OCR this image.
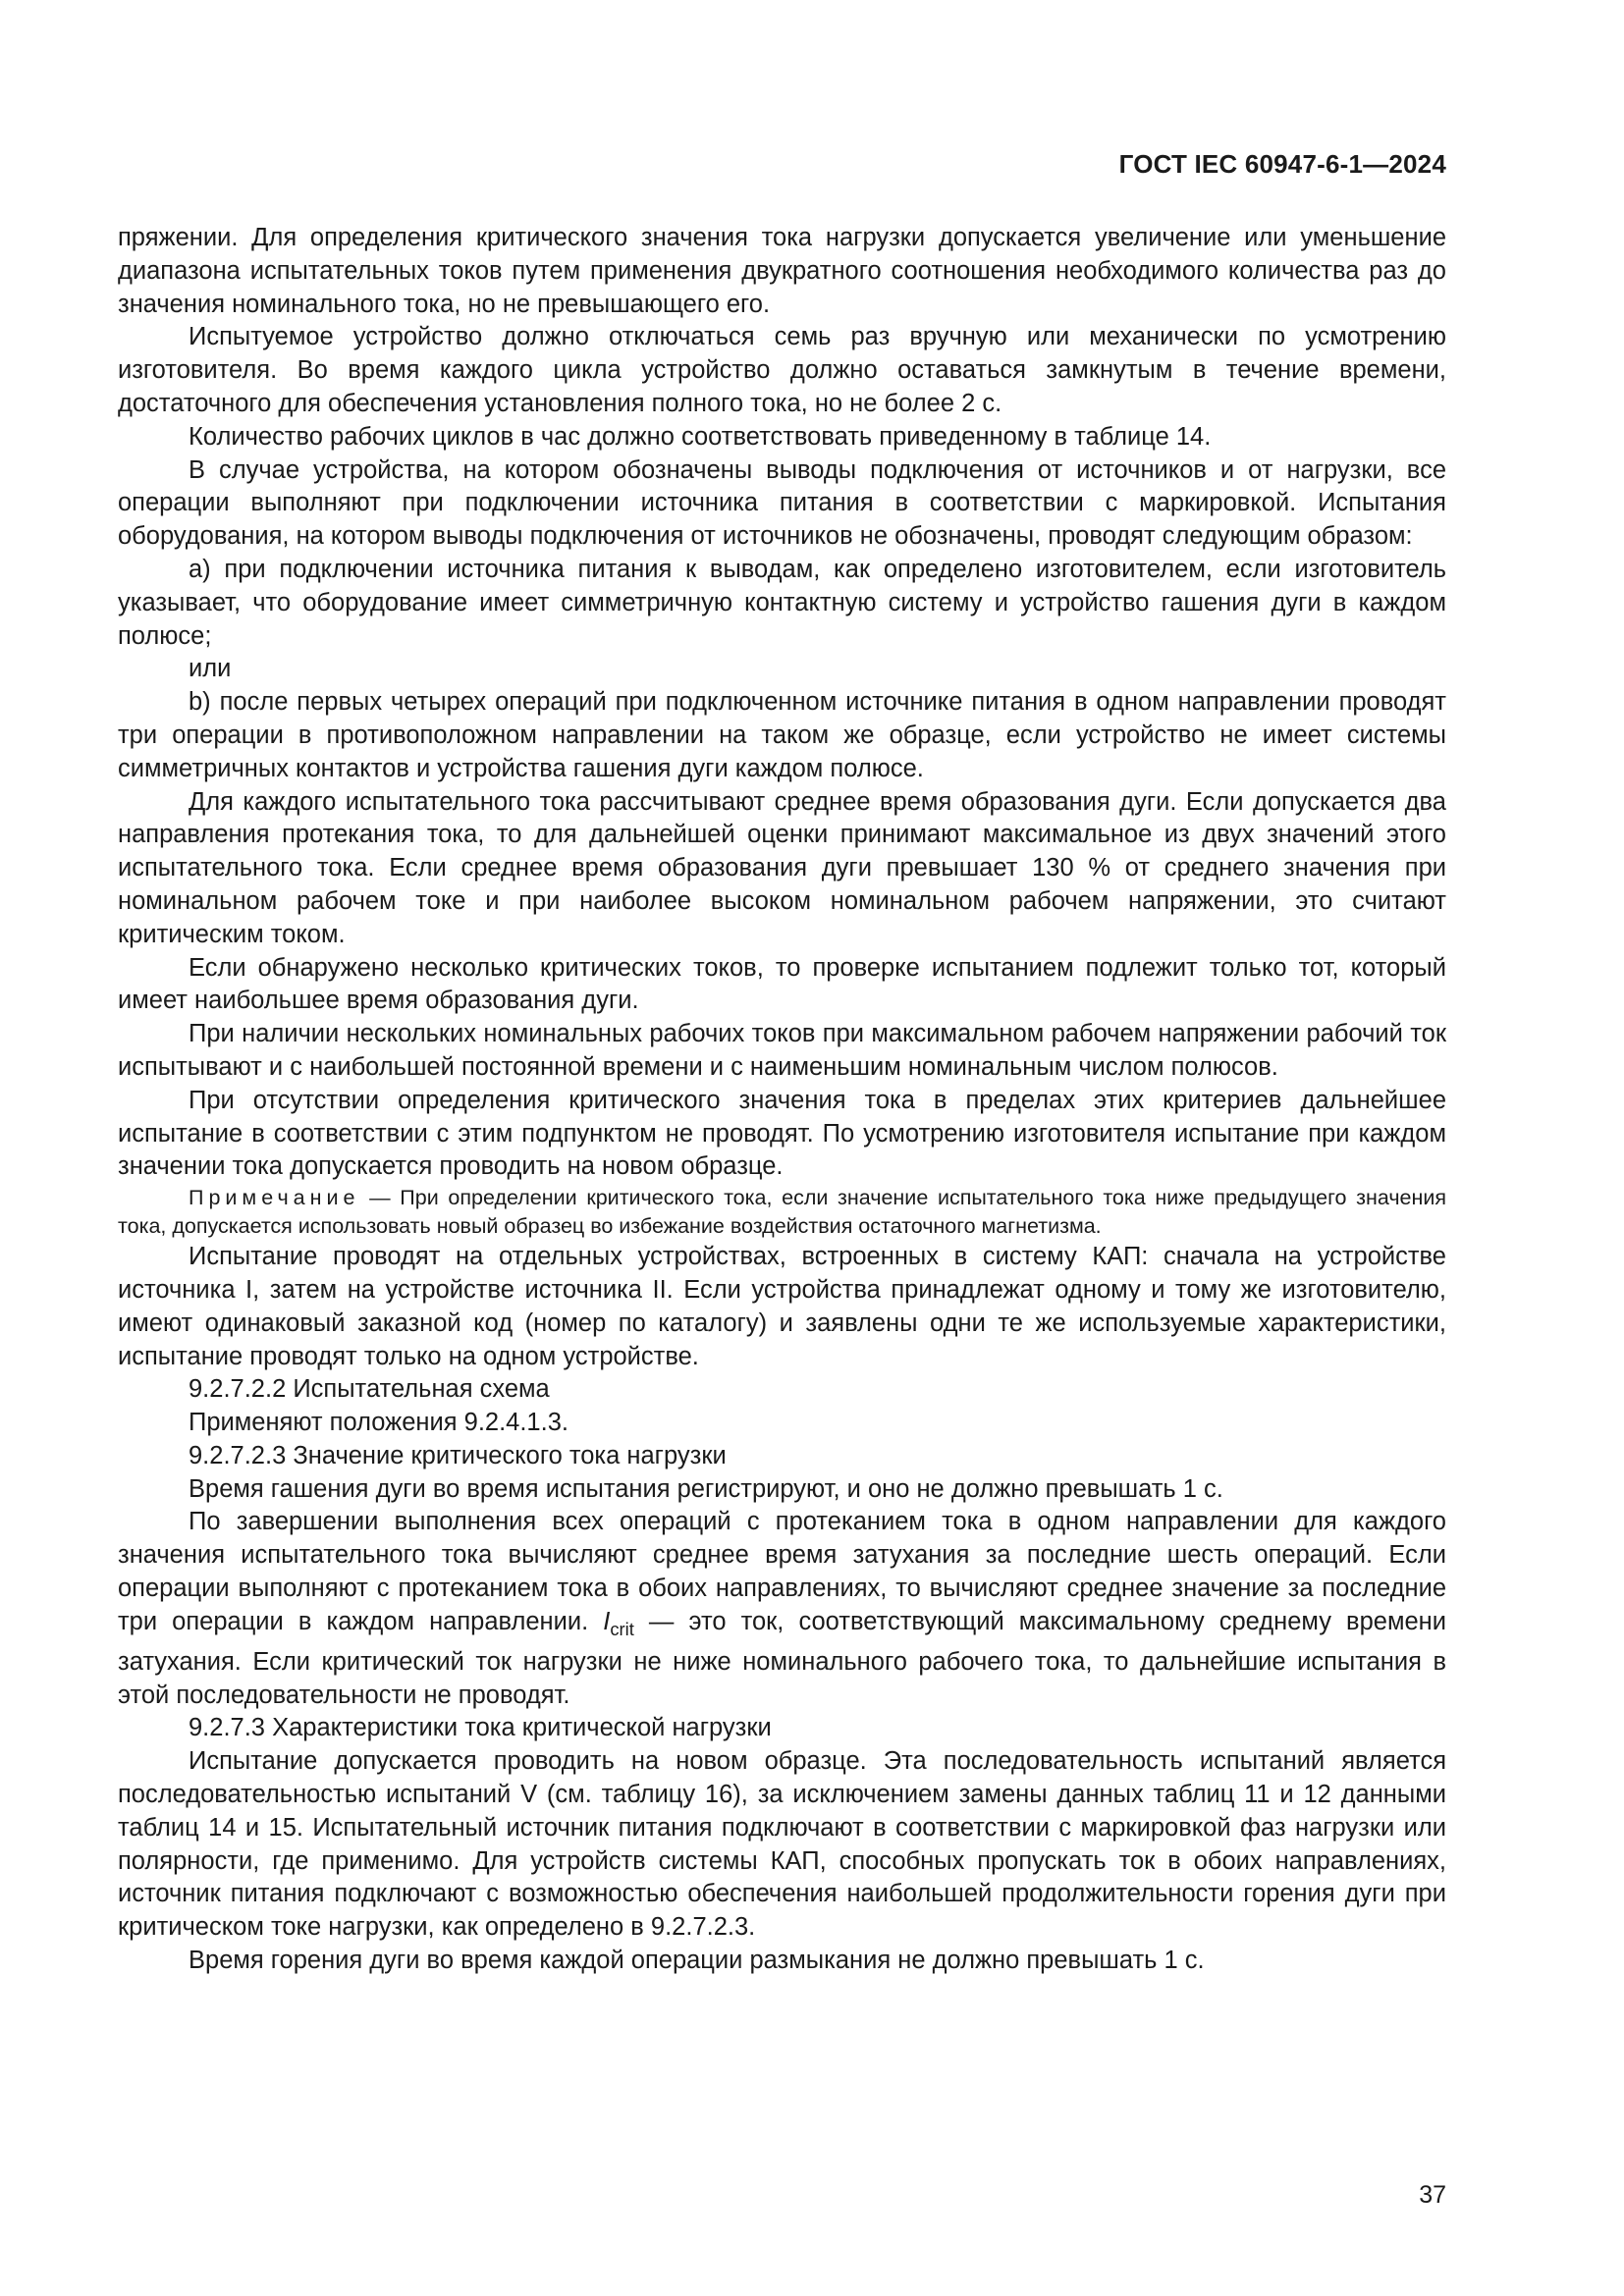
ГОСТ IEC 60947-6-1—2024

пряжении. Для определения критического значения тока нагрузки допускается увеличение или уменьшение диапазона испытательных токов путем применения двукратного соотношения необходимого количества раз до значения номинального тока, но не превышающего его.

Испытуемое устройство должно отключаться семь раз вручную или механически по усмотрению изготовителя. Во время каждого цикла устройство должно оставаться замкнутым в течение времени, достаточного для обеспечения установления полного тока, но не более 2 с.

Количество рабочих циклов в час должно соответствовать приведенному в таблице 14.

В случае устройства, на котором обозначены выводы подключения от источников и от нагрузки, все операции выполняют при подключении источника питания в соответствии с маркировкой. Испытания оборудования, на котором выводы подключения от источников не обозначены, проводят следующим образом:

a) при подключении источника питания к выводам, как определено изготовителем, если изготовитель указывает, что оборудование имеет симметричную контактную систему и устройство гашения дуги в каждом полюсе;

или

b) после первых четырех операций при подключенном источнике питания в одном направлении проводят три операции в противоположном направлении на таком же образце, если устройство не имеет системы симметричных контактов и устройства гашения дуги каждом полюсе.

Для каждого испытательного тока рассчитывают среднее время образования дуги. Если допускается два направления протекания тока, то для дальнейшей оценки принимают максимальное из двух значений этого испытательного тока. Если среднее время образования дуги превышает 130 % от среднего значения при номинальном рабочем токе и при наиболее высоком номинальном рабочем напряжении, это считают критическим током.

Если обнаружено несколько критических токов, то проверке испытанием подлежит только тот, который имеет наибольшее время образования дуги.

При наличии нескольких номинальных рабочих токов при максимальном рабочем напряжении рабочий ток испытывают и с наибольшей постоянной времени и с наименьшим номинальным числом полюсов.

При отсутствии определения критического значения тока в пределах этих критериев дальнейшее испытание в соответствии с этим подпунктом не проводят. По усмотрению изготовителя испытание при каждом значении тока допускается проводить на новом образце.

Примечание — При определении критического тока, если значение испытательного тока ниже предыдущего значения тока, допускается использовать новый образец во избежание воздействия остаточного магнетизма.

Испытание проводят на отдельных устройствах, встроенных в систему КАП: сначала на устройстве источника I, затем на устройстве источника II. Если устройства принадлежат одному и тому же изготовителю, имеют одинаковый заказной код (номер по каталогу) и заявлены одни те же используемые характеристики, испытание проводят только на одном устройстве.

9.2.7.2.2 Испытательная схема

Применяют положения 9.2.4.1.3.

9.2.7.2.3 Значение критического тока нагрузки

Время гашения дуги во время испытания регистрируют, и оно не должно превышать 1 с.

По завершении выполнения всех операций с протеканием тока в одном направлении для каждого значения испытательного тока вычисляют среднее время затухания за последние шесть операций. Если операции выполняют с протеканием тока в обоих направлениях, то вычисляют среднее значение за последние три операции в каждом направлении. $I_{crit}$ — это ток, соответствующий максимальному среднему времени затухания. Если критический ток нагрузки не ниже номинального рабочего тока, то дальнейшие испытания в этой последовательности не проводят.

9.2.7.3 Характеристики тока критической нагрузки

Испытание допускается проводить на новом образце. Эта последовательность испытаний является последовательностью испытаний V (см. таблицу 16), за исключением замены данных таблиц 11 и 12 данными таблиц 14 и 15. Испытательный источник питания подключают в соответствии с маркировкой фаз нагрузки или полярности, где применимо. Для устройств системы КАП, способных пропускать ток в обоих направлениях, источник питания подключают с возможностью обеспечения наибольшей продолжительности горения дуги при критическом токе нагрузки, как определено в 9.2.7.2.3.

Время горения дуги во время каждой операции размыкания не должно превышать 1 с.

37
